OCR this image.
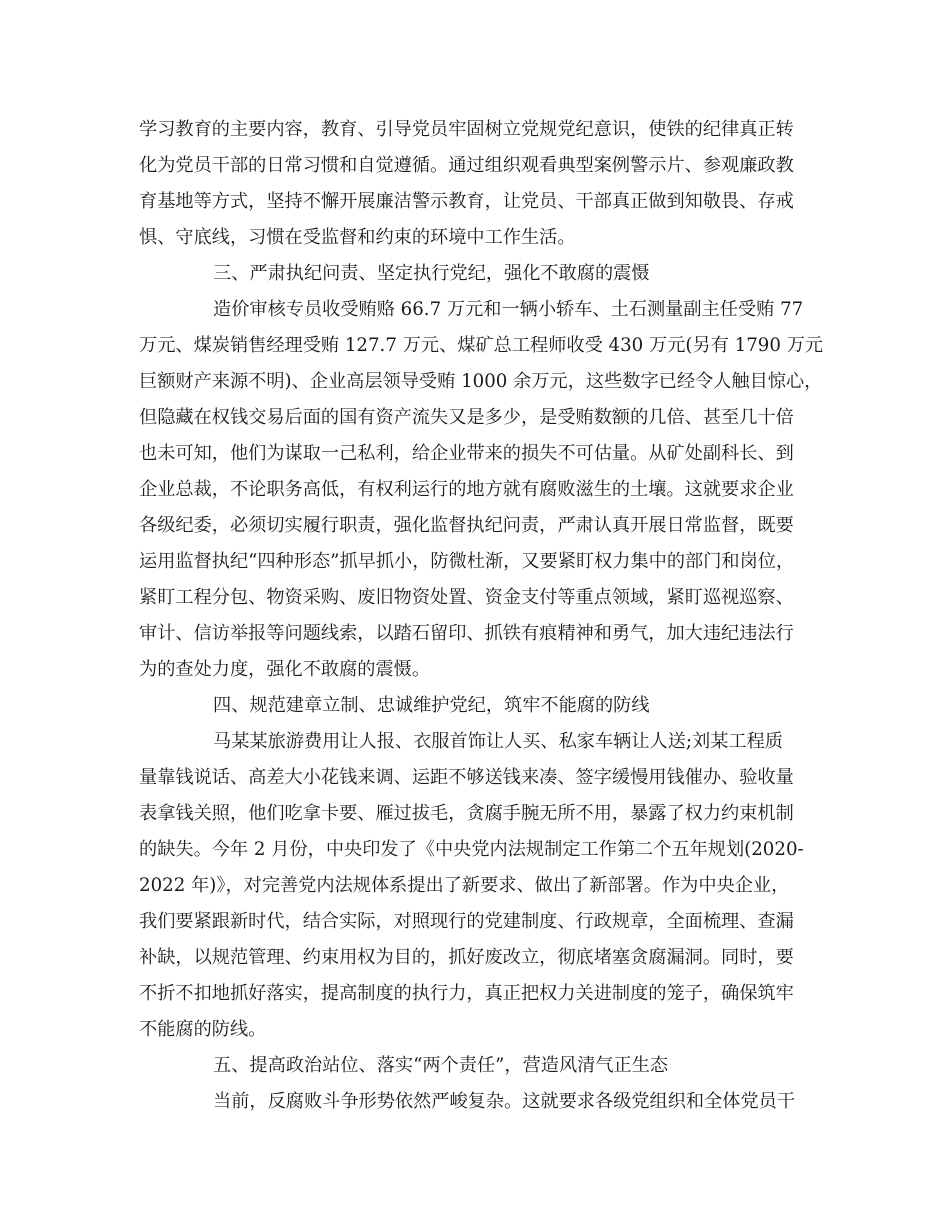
学习教育的主要内容，教育、引导党员牢固树立党规党纪意识，使铁的纪律真正转
化为党员干部的日常习惯和自觉遵循。通过组织观看典型案例警示片、参观廉政教
育基地等方式，坚持不懈开展廉洁警示教育，让党员、干部真正做到知敬畏、存戒
惧、守底线，习惯在受监督和约束的环境中工作生活。
三、严肃执纪问责、坚定执行党纪，强化不敢腐的震慑
造价审核专员收受贿赂 66.7 万元和一辆小轿车、土石测量副主任受贿 77
万元、煤炭销售经理受贿 127.7 万元、煤矿总工程师收受 430 万元(另有 1790 万元
巨额财产来源不明)、企业高层领导受贿 1000 余万元，这些数字已经令人触目惊心，
但隐藏在权钱交易后面的国有资产流失又是多少，是受贿数额的几倍、甚至几十倍
也未可知，他们为谋取一己私利，给企业带来的损失不可估量。从矿处副科长、到
企业总裁，不论职务高低，有权利运行的地方就有腐败滋生的土壤。这就要求企业
各级纪委，必须切实履行职责，强化监督执纪问责，严肃认真开展日常监督，既要
运用监督执纪“四种形态”抓早抓小，防微杜渐，又要紧盯权力集中的部门和岗位，
紧盯工程分包、物资采购、废旧物资处置、资金支付等重点领域，紧盯巡视巡察、
审计、信访举报等问题线索，以踏石留印、抓铁有痕精神和勇气，加大违纪违法行
为的查处力度，强化不敢腐的震慑。
四、规范建章立制、忠诚维护党纪，筑牢不能腐的防线
马某某旅游费用让人报、衣服首饰让人买、私家车辆让人送;刘某工程质
量靠钱说话、高差大小花钱来调、运距不够送钱来凑、签字缓慢用钱催办、验收量
表拿钱关照，他们吃拿卡要、雁过拔毛，贪腐手腕无所不用，暴露了权力约束机制
的缺失。今年 2 月份，中央印发了《中央党内法规制定工作第二个五年规划(2020-
2022 年)》，对完善党内法规体系提出了新要求、做出了新部署。作为中央企业，
我们要紧跟新时代，结合实际，对照现行的党建制度、行政规章，全面梳理、查漏
补缺，以规范管理、约束用权为目的，抓好废改立，彻底堵塞贪腐漏洞。同时，要
不折不扣地抓好落实，提高制度的执行力，真正把权力关进制度的笼子，确保筑牢
不能腐的防线。
五、提高政治站位、落实“两个责任”，营造风清气正生态
当前，反腐败斗争形势依然严峻复杂。这就要求各级党组织和全体党员干
